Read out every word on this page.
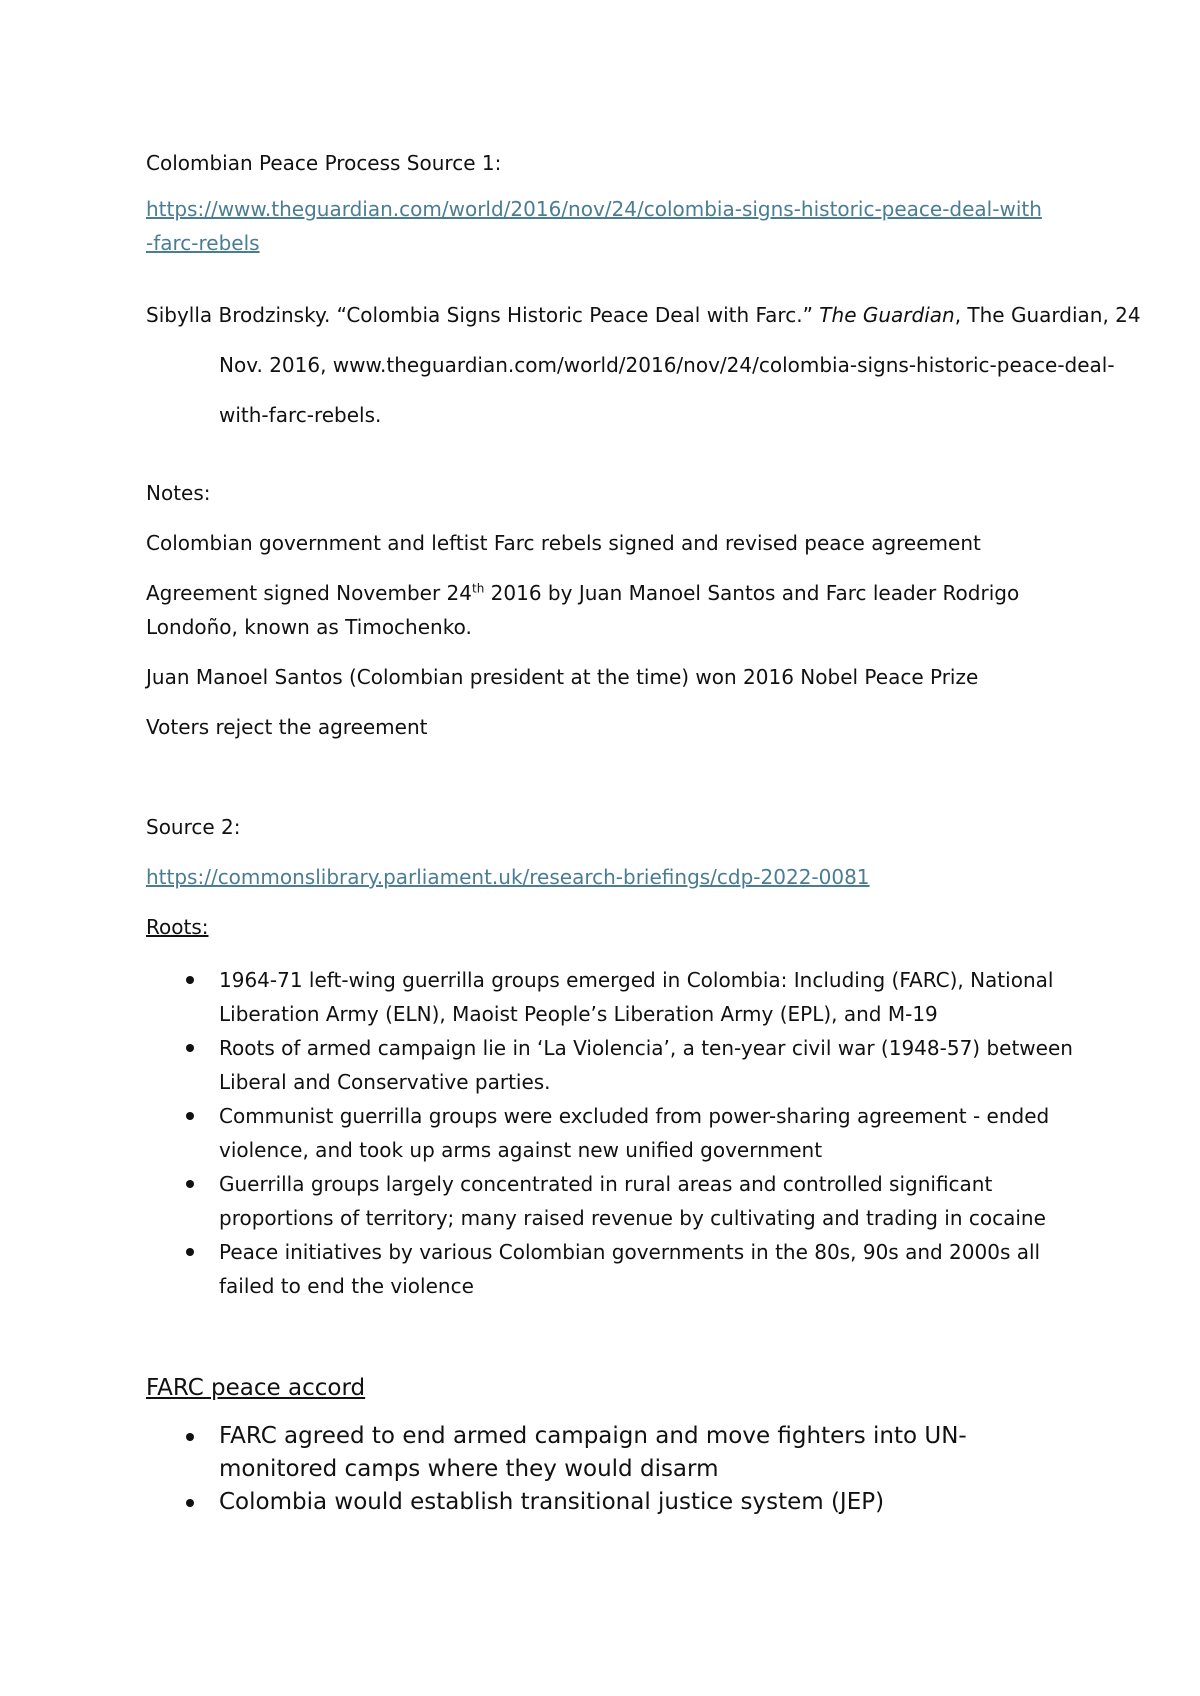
Colombian Peace Process Source 1:

https://www.theguardian.com/world/2016/nov/24/colombia-signs-historic-peace-deal-with-farc-rebels

Sibylla Brodzinsky. “Colombia Signs Historic Peace Deal with Farc.” The Guardian, The Guardian, 24 Nov. 2016, www.theguardian.com/world/2016/nov/24/colombia-signs-historic-peace-deal-with-farc-rebels.

Notes:

Colombian government and leftist Farc rebels signed and revised peace agreement

Agreement signed November 24th 2016 by Juan Manoel Santos and Farc leader Rodrigo Londoño, known as Timochenko.

Juan Manoel Santos (Colombian president at the time) won 2016 Nobel Peace Prize

Voters reject the agreement

Source 2:

https://commonslibrary.parliament.uk/research-briefings/cdp-2022-0081

Roots:

1964-71 left-wing guerrilla groups emerged in Colombia: Including (FARC), National Liberation Army (ELN), Maoist People’s Liberation Army (EPL), and M-19
Roots of armed campaign lie in ‘La Violencia’, a ten-year civil war (1948-57) between Liberal and Conservative parties.
Communist guerrilla groups were excluded from power-sharing agreement - ended violence, and took up arms against new unified government
Guerrilla groups largely concentrated in rural areas and controlled significant proportions of territory; many raised revenue by cultivating and trading in cocaine
Peace initiatives by various Colombian governments in the 80s, 90s and 2000s all failed to end the violence

FARC peace accord

FARC agreed to end armed campaign and move fighters into UN-monitored camps where they would disarm
Colombia would establish transitional justice system (JEP)
